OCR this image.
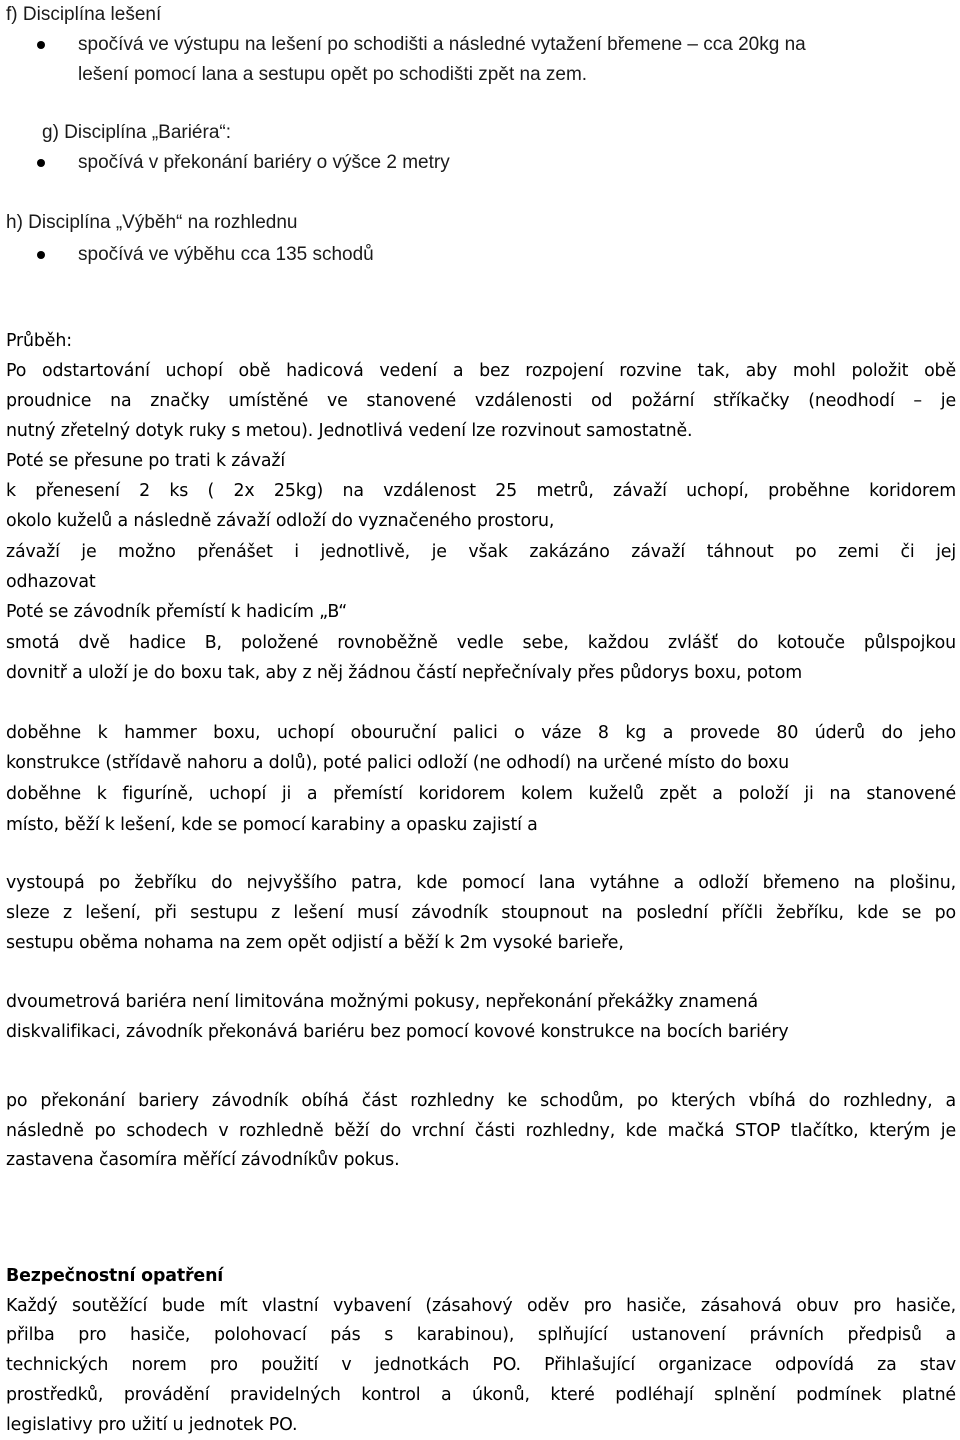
f) Disciplína lešení
spočívá ve výstupu na lešení po schodišti a následné vytažení břemene – cca 20kg na
lešení pomocí lana a sestupu opět po schodišti zpět na zem.
g) Disciplína „Bariéra“:
spočívá v překonání bariéry o výšce 2 metry
h) Disciplína „Výběh“ na rozhlednu
spočívá ve výběhu cca 135 schodů
Průběh:
Po odstartování uchopí obě hadicová vedení a bez rozpojení rozvine tak, aby mohl položit obě
proudnice na značky umístěné ve stanovené vzdálenosti od požární stříkačky (neodhodí – je
nutný zřetelný dotyk ruky s metou). Jednotlivá vedení lze rozvinout samostatně.
Poté se přesune po trati k závaží
k přenesení 2 ks ( 2x 25kg) na vzdálenost 25 metrů, závaží uchopí, proběhne koridorem
okolo kuželů a následně závaží odloží do vyznačeného prostoru,
závaží je možno přenášet i jednotlivě, je však zakázáno závaží táhnout po zemi či jej
odhazovat
Poté se závodník přemístí k hadicím „B“
smotá dvě hadice B, položené rovnoběžně vedle sebe, každou zvlášť do kotouče půlspojkou
dovnitř a uloží je do boxu tak, aby z něj žádnou částí nepřečnívaly přes půdorys boxu, potom
doběhne k hammer boxu, uchopí obouruční palici o váze 8 kg a provede 80 úderů do jeho
konstrukce (střídavě nahoru a dolů), poté palici odloží (ne odhodí) na určené místo do boxu
doběhne k figuríně, uchopí ji a přemístí koridorem kolem kuželů zpět a položí ji na stanovené
místo, běží k lešení, kde se pomocí karabiny a opasku zajistí a
vystoupá po žebříku do nejvyššího patra, kde pomocí lana vytáhne a odloží břemeno na plošinu,
sleze z lešení, při sestupu z lešení musí závodník stoupnout na poslední příčli žebříku, kde se po
sestupu oběma nohama na zem opět odjistí a běží k 2m vysoké barieře,
dvoumetrová bariéra není limitována možnými pokusy, nepřekonání překážky znamená
diskvalifikaci, závodník překonává bariéru bez pomocí kovové konstrukce na bocích bariéry
po překonání bariery závodník obíhá část rozhledny ke schodům, po kterých vbíhá do rozhledny, a
následně po schodech v rozhledně běží do vrchní části rozhledny, kde mačká STOP tlačítko, kterým je
zastavena časomíra měřící závodníkův pokus.
Bezpečnostní opatření
Každý soutěžící bude mít vlastní vybavení (zásahový oděv pro hasiče, zásahová obuv pro hasiče,
přilba pro hasiče, polohovací pás s karabinou), splňující ustanovení právních předpisů a
technických norem pro použití v jednotkách PO. Přihlašující organizace odpovídá za stav
prostředků, provádění pravidelných kontrol a úkonů, které podléhají splnění podmínek platné
legislativy pro užití u jednotek PO.
